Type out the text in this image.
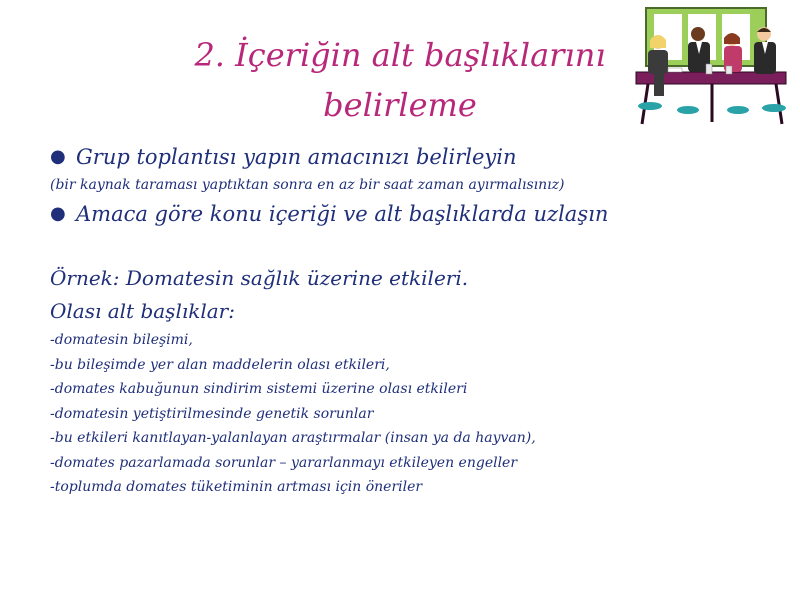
2. İçeriğin alt başlıklarını
belirleme
● Grup toplantısı yapın amacınızı belirleyin
(bir kaynak taraması yaptıktan sonra en az bir saat zaman ayırmalısınız)
● Amaca göre konu içeriği ve alt başlıklarda uzlaşın
Örnek: Domatesin sağlık üzerine etkileri.
Olası alt başlıklar:
-domatesin bileşimi,
-bu bileşimde yer alan maddelerin olası etkileri,
-domates kabuğunun sindirim sistemi üzerine olası etkileri
-domatesin yetiştirilmesinde genetik sorunlar
-bu etkileri kanıtlayan-yalanlayan araştırmalar (insan ya da hayvan),
-domates pazarlamada sorunlar – yararlanmayı etkileyen engeller
-toplumda domates tüketiminin artması için öneriler
